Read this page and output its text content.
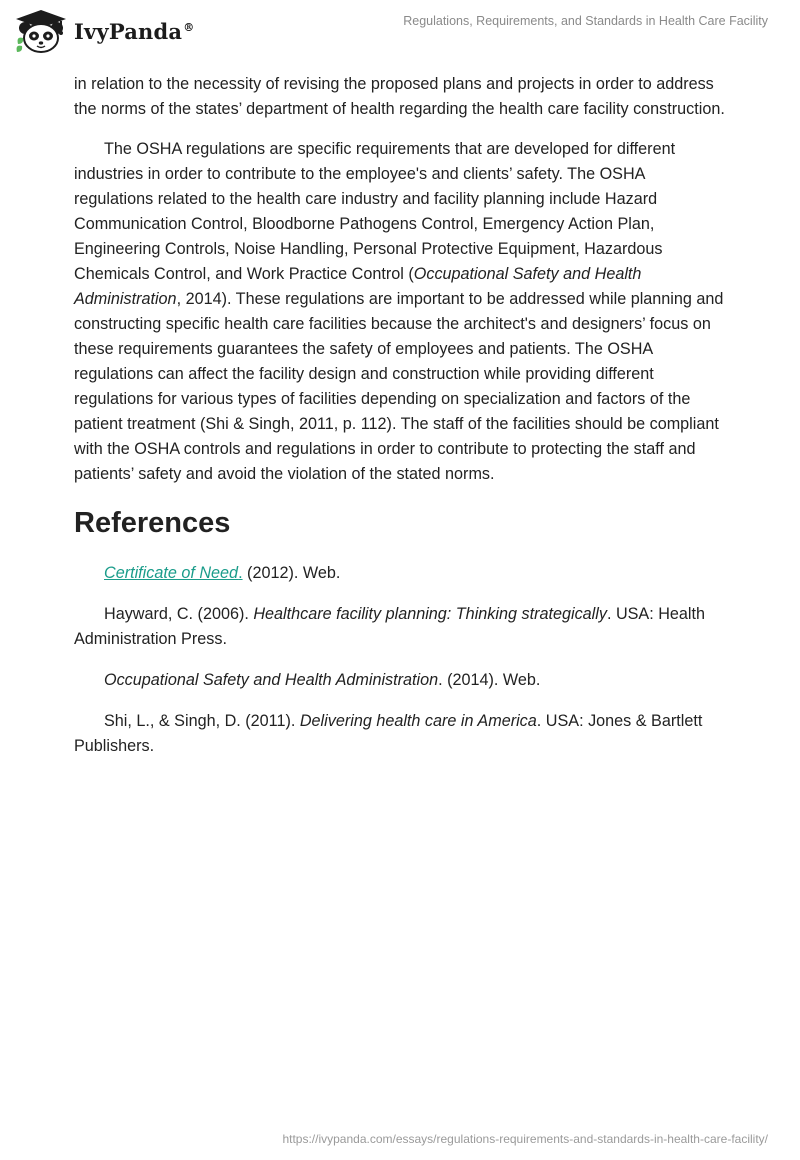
IvyPanda®	Regulations, Requirements, and Standards in Health Care Facility

in relation to the necessity of revising the proposed plans and projects in order to address the norms of the states’ department of health regarding the health care facility construction.

The OSHA regulations are specific requirements that are developed for different industries in order to contribute to the employee's and clients’ safety. The OSHA regulations related to the health care industry and facility planning include Hazard Communication Control, Bloodborne Pathogens Control, Emergency Action Plan, Engineering Controls, Noise Handling, Personal Protective Equipment, Hazardous Chemicals Control, and Work Practice Control (Occupational Safety and Health Administration, 2014). These regulations are important to be addressed while planning and constructing specific health care facilities because the architect's and designers’ focus on these requirements guarantees the safety of employees and patients. The OSHA regulations can affect the facility design and construction while providing different regulations for various types of facilities depending on specialization and factors of the patient treatment (Shi & Singh, 2011, p. 112). The staff of the facilities should be compliant with the OSHA controls and regulations in order to contribute to protecting the staff and patients’ safety and avoid the violation of the stated norms.

References

Certificate of Need. (2012). Web.

Hayward, C. (2006). Healthcare facility planning: Thinking strategically. USA: Health Administration Press.

Occupational Safety and Health Administration. (2014). Web.

Shi, L., & Singh, D. (2011). Delivering health care in America. USA: Jones & Bartlett Publishers.

https://ivypanda.com/essays/regulations-requirements-and-standards-in-health-care-facility/
